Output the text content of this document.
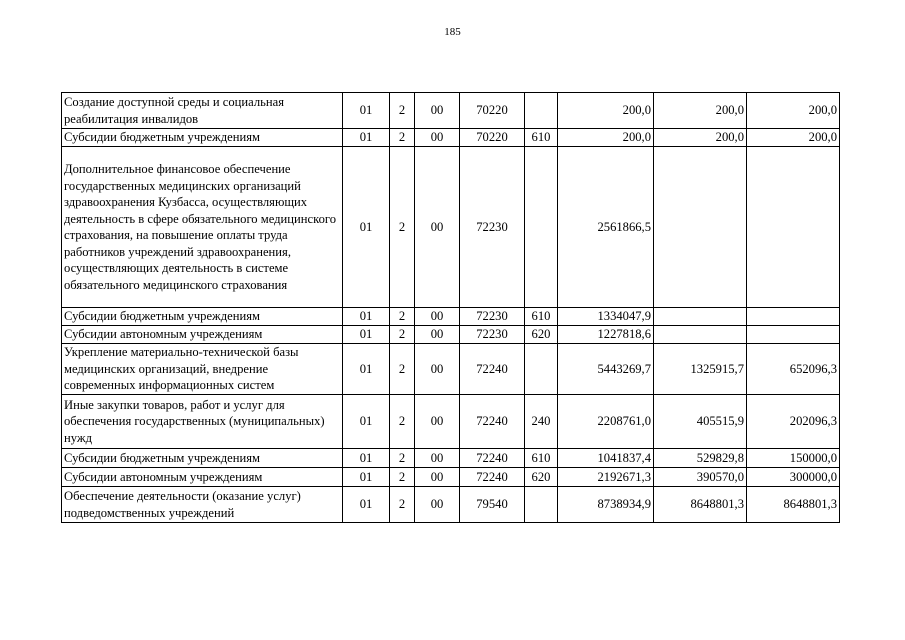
185
Создание доступной среды и социальная реабилитация инвалидов	01	2	00	70220		200,0	200,0	200,0
Субсидии бюджетным учреждениям	01	2	00	70220	610	200,0	200,0	200,0
Дополнительное финансовое обеспечение государственных медицинских организаций здравоохранения Кузбасса, осуществляющих деятельность в сфере обязательного медицинского страхования, на повышение оплаты труда работников учреждений здравоохранения, осуществляющих деятельность в системе обязательного медицинского страхования	01	2	00	72230		2561866,5		
Субсидии бюджетным учреждениям	01	2	00	72230	610	1334047,9		
Субсидии автономным учреждениям	01	2	00	72230	620	1227818,6		
Укрепление материально-технической базы медицинских организаций, внедрение современных информационных систем	01	2	00	72240		5443269,7	1325915,7	652096,3
Иные закупки товаров, работ и услуг для обеспечения государственных (муниципальных) нужд	01	2	00	72240	240	2208761,0	405515,9	202096,3
Субсидии бюджетным учреждениям	01	2	00	72240	610	1041837,4	529829,8	150000,0
Субсидии автономным учреждениям	01	2	00	72240	620	2192671,3	390570,0	300000,0
Обеспечение деятельности (оказание услуг) подведомственных учреждений	01	2	00	79540		8738934,9	8648801,3	8648801,3
